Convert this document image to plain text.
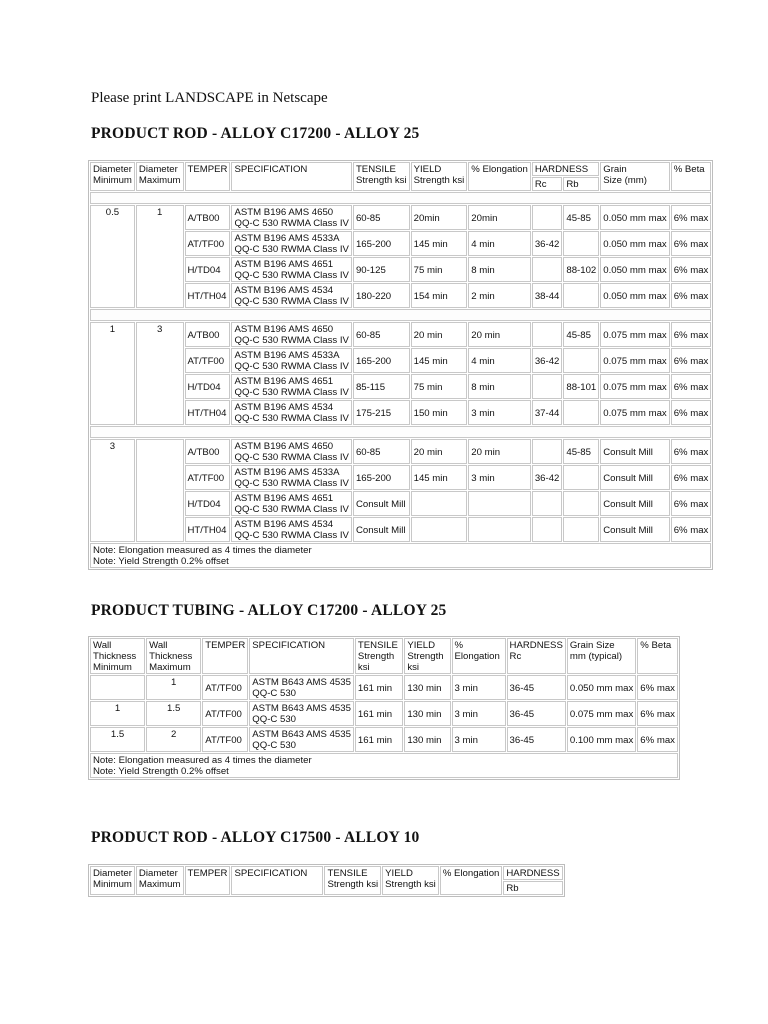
Please print LANDSCAPE in Netscape
PRODUCT ROD - ALLOY C17200 - ALLOY 25
Diameter
Minimum	Diameter
Maximum	TEMPER	SPECIFICATION	TENSILE
Strength ksi	YIELD
Strength ksi	% Elongation	HARDNESS		Grain
Size (mm)	% Beta
							Rc	Rb		

0.5	1	A/TB00	ASTM B196 AMS 4650
QQ-C 530 RWMA Class IV	60-85	20min	20min		45-85	0.050 mm max	6% max
		AT/TF00	ASTM B196 AMS 4533A
QQ-C 530 RWMA Class IV	165-200	145 min	4 min	36-42		0.050 mm max	6% max
		H/TD04	ASTM B196 AMS 4651
QQ-C 530 RWMA Class IV	90-125	75 min	8 min		88-102	0.050 mm max	6% max
		HT/TH04	ASTM B196 AMS 4534
QQ-C 530 RWMA Class IV	180-220	154 min	2 min	38-44		0.050 mm max	6% max

1	3	A/TB00	ASTM B196 AMS 4650
QQ-C 530 RWMA Class IV	60-85	20 min	20 min		45-85	0.075 mm max	6% max
		AT/TF00	ASTM B196 AMS 4533A
QQ-C 530 RWMA Class IV	165-200	145 min	4 min	36-42		0.075 mm max	6% max
		H/TD04	ASTM B196 AMS 4651
QQ-C 530 RWMA Class IV	85-115	75 min	8 min		88-101	0.075 mm max	6% max
		HT/TH04	ASTM B196 AMS 4534
QQ-C 530 RWMA Class IV	175-215	150 min	3 min	37-44		0.075 mm max	6% max

3		A/TB00	ASTM B196 AMS 4650
QQ-C 530 RWMA Class IV	60-85	20 min	20 min		45-85	Consult Mill	6% max
		AT/TF00	ASTM B196 AMS 4533A
QQ-C 530 RWMA Class IV	165-200	145 min	3 min	36-42		Consult Mill	6% max
		H/TD04	ASTM B196 AMS 4651
QQ-C 530 RWMA Class IV	Consult Mill					Consult Mill	6% max
		HT/TH04	ASTM B196 AMS 4534
QQ-C 530 RWMA Class IV	Consult Mill					Consult Mill	6% max

Note: Elongation measured as 4 times the diameter
Note: Yield Strength 0.2% offset										
PRODUCT TUBING - ALLOY C17200 - ALLOY 25
Wall
Thickness
Minimum	Wall
Thickness
Maximum	TEMPER	SPECIFICATION	TENSILE
Strength
ksi	YIELD
Strength
ksi	%
Elongation	HARDNESS
Rc	Grain Size
mm (typical)	% Beta
	1	AT/TF00	ASTM B643 AMS 4535
QQ-C 530	161 min	130 min	3 min	36-45	0.050 mm max	6% max
1	1.5	AT/TF00	ASTM B643 AMS 4535
QQ-C 530	161 min	130 min	3 min	36-45	0.075 mm max	6% max
1.5	2	AT/TF00	ASTM B643 AMS 4535
QQ-C 530	161 min	130 min	3 min	36-45	0.100 mm max	6% max

Note: Elongation measured as 4 times the diameter
Note: Yield Strength 0.2% offset									
PRODUCT ROD - ALLOY C17500 - ALLOY 10
Diameter
Minimum	Diameter
Maximum	TEMPER	SPECIFICATION	TENSILE
Strength ksi	YIELD
Strength ksi	% Elongation	HARDNESS
Rb
